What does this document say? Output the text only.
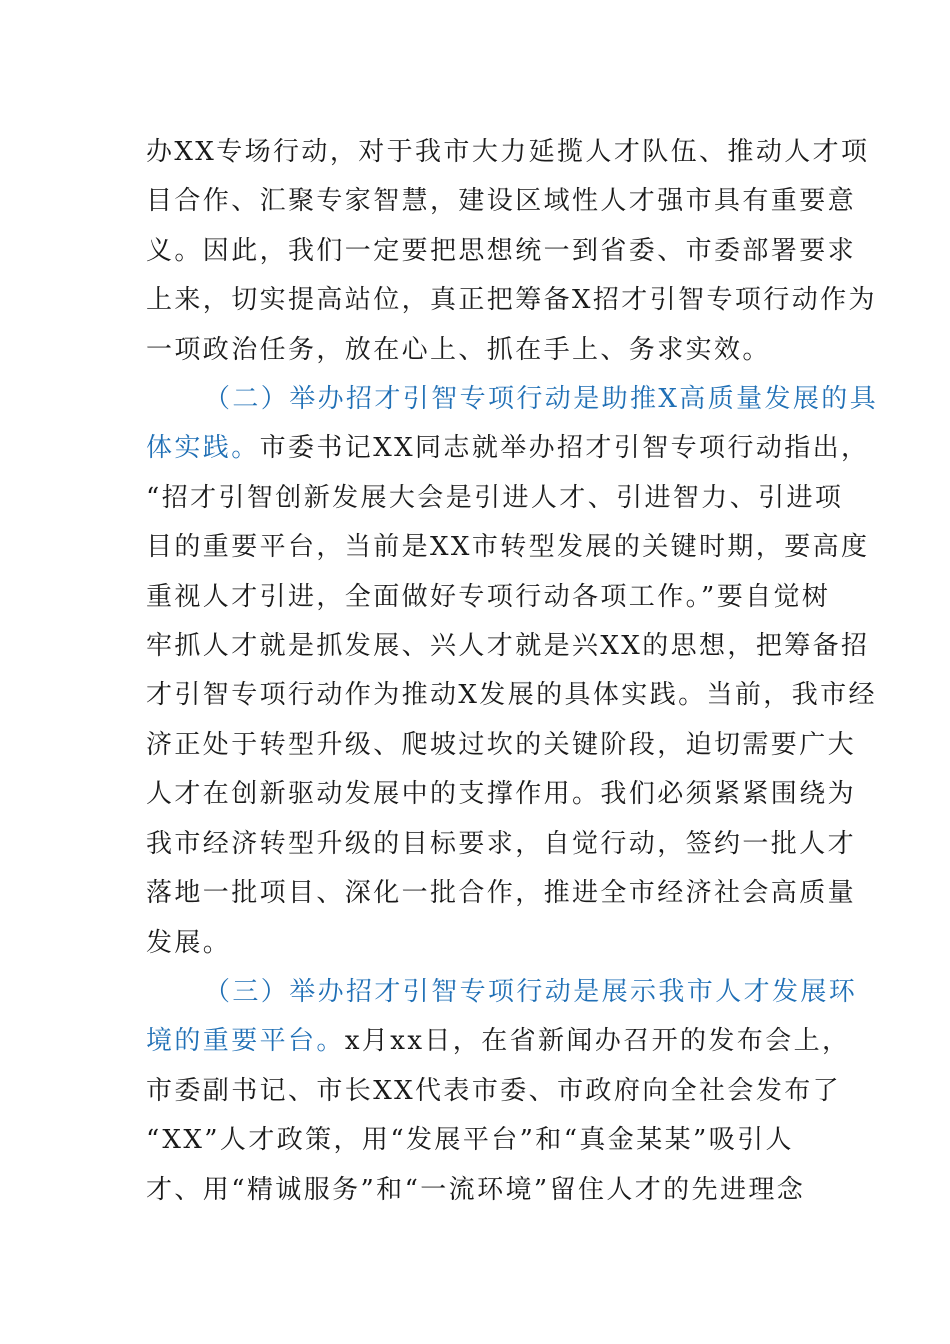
办XX专场行动，对于我市大力延揽人才队伍、推动人才项
目合作、汇聚专家智慧，建设区域性人才强市具有重要意
义。因此，我们一定要把思想统一到省委、市委部署要求
上来，切实提高站位，真正把筹备X招才引智专项行动作为
一项政治任务，放在心上、抓在手上、务求实效。
（二）举办招才引智专项行动是助推X高质量发展的具
体实践。市委书记XX同志就举办招才引智专项行动指出，
“招才引智创新发展大会是引进人才、引进智力、引进项
目的重要平台，当前是XX市转型发展的关键时期，要高度
重视人才引进，全面做好专项行动各项工作。”要自觉树
牢抓人才就是抓发展、兴人才就是兴XX的思想，把筹备招
才引智专项行动作为推动X发展的具体实践。当前，我市经
济正处于转型升级、爬坡过坎的关键阶段，迫切需要广大
人才在创新驱动发展中的支撑作用。我们必须紧紧围绕为
我市经济转型升级的目标要求，自觉行动，签约一批人才
落地一批项目、深化一批合作，推进全市经济社会高质量
发展。
（三）举办招才引智专项行动是展示我市人才发展环
境的重要平台。x月xx日，在省新闻办召开的发布会上，
市委副书记、市长XX代表市委、市政府向全社会发布了
“XX”人才政策，用“发展平台”和“真金某某”吸引人
才、用“精诚服务”和“一流环境”留住人才的先进理念
